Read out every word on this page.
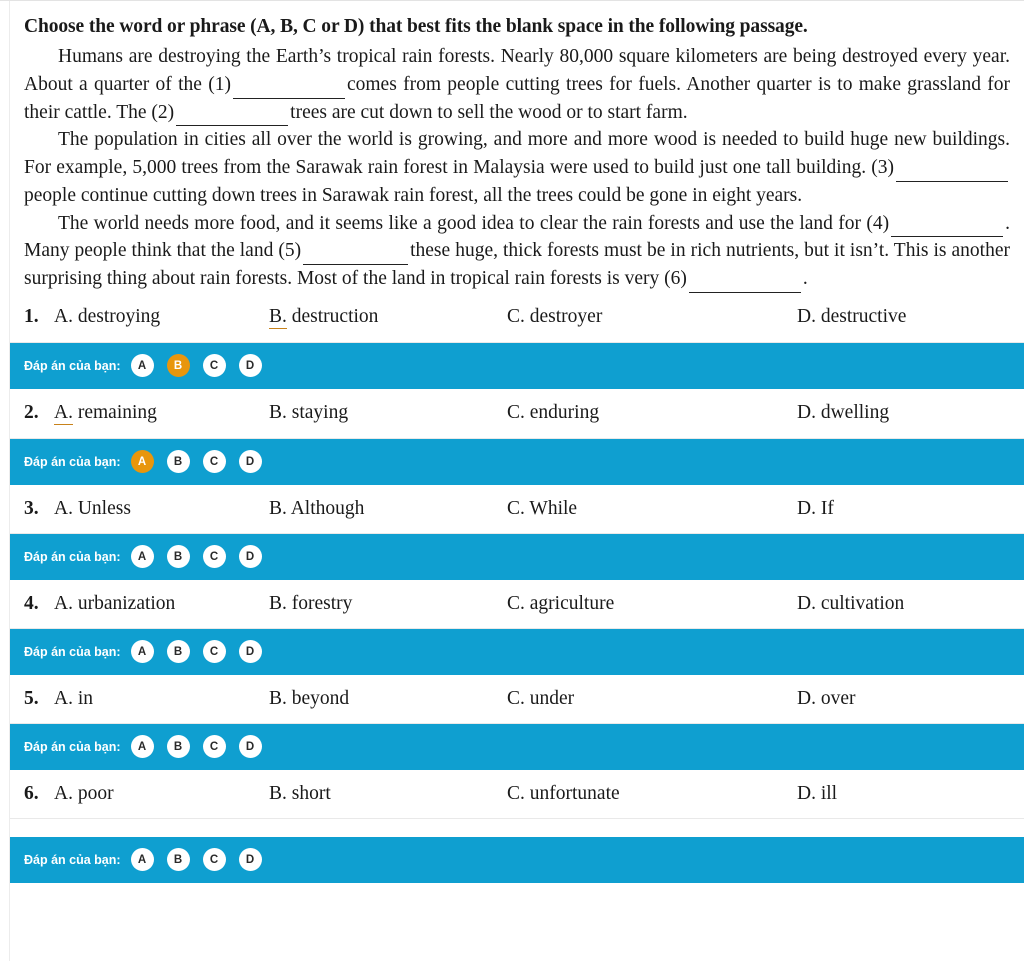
Choose the word or phrase (A, B, C or D) that best fits the blank space in the following passage.

Humans are destroying the Earth’s tropical rain forests. Nearly 80,000 square kilometers are being destroyed every year. About a quarter of the (1)	comes from people cutting trees for fuels. Another quarter is to make grassland for their cattle. The (2)	trees are cut down to sell the wood or to start farm.

The population in cities all over the world is growing, and more and more wood is needed to build huge new buildings. For example, 5,000 trees from the Sarawak rain forest in Malaysia were used to build just one tall building. (3)people continue cutting down trees in Sarawak rain forest, all the trees could be gone in eight years.

The world needs more food, and it seems like a good idea to clear the rain forests and use the land for (4)	. Many people think that the land (5)	these huge, thick forests must be in rich nutrients, but it isn’t. This is another surprising thing about rain forests. Most of the land in tropical rain forests is very (6)	.

1. A. destroying	B. destruction	C. destroyer	D. destructive
Đáp án của bạn:	A	B	C	D
2. A. remaining	B. staying	C. enduring	D. dwelling
Đáp án của bạn:	A	B	C	D
3. A. Unless	B. Although	C. While	D. If
Đáp án của bạn:	A	B	C	D
4. A. urbanization	B. forestry	C. agriculture	D. cultivation
Đáp án của bạn:	A	B	C	D
5. A. in	B. beyond	C. under	D. over
Đáp án của bạn:	A	B	C	D
6. A. poor	B. short	C. unfortunate	D. ill
Đáp án của bạn:	A	B	C	D
